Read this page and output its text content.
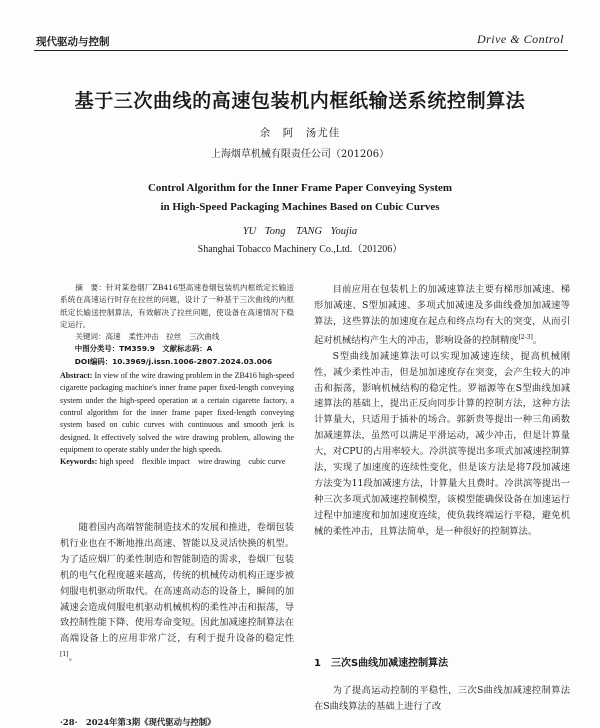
现代驱动与控制	Drive & Control
基于三次曲线的高速包装机内框纸输送系统控制算法
余　阿　汤尤佳
上海烟草机械有限责任公司（201206）
Control Algorithm for the Inner Frame Paper Conveying System
in High-Speed Packaging Machines Based on Cubic Curves
YU Tong　TANG Youjia
Shanghai Tobacco Machinery Co.,Ltd.（201206）

摘　要：针对某卷烟厂ZB416型高速卷烟包装机内框纸定长输送系统在高速运行时存在拉丝的问题，设计了一种基于三次曲线的内框纸定长输送控制算法，有效解决了拉丝问题，使设备在高速情况下稳定运行。

关键词：高速　柔性冲击　拉丝　三次曲线

中图分类号：TM359.9　文献标志码：A

DOI编码：10.3969/j.issn.1006-2807.2024.03.006

Abstract: In view of the wire drawing problem in the ZB416 high-speed cigarette packaging machine's inner frame paper fixed-length conveying system under the high-speed operation at a certain cigarette factory, a control algorithm for the inner frame paper fixed-length conveying system based on cubic curves with continuous and smooth jerk is designed. It effectively solved the wire drawing problem, allowing the equipment to operate stably under the high speeds.

Keywords: high speed　flexible impact　wire drawing　cubic curve

随着国内高端智能制造技术的发展和推进，卷烟包装机行业也在不断地推出高速、智能以及灵活快换的机型。为了适应烟厂的柔性制造和智能制造的需求，卷烟厂包装机的电气化程度越来越高，传统的机械传动机构正逐步被伺服电机驱动所取代。在高速高动态的设备上，瞬间的加减速会造成伺服电机驱动机械机构的柔性冲击和振荡，导致控制性能下降、使用寿命变短。因此加减速控制算法在高端设备上的应用非常广泛，有利于提升设备的稳定性[1]。

目前应用在包装机上的加减速算法主要有梯形加减速、梯形加减速、S型加减速、多项式加减速及多曲线叠加加减速等算法，这些算法的加速度在起点和终点均有大的突变，从而引起对机械结构产生大的冲击，影响设备的控制精度[2-3]。

S型曲线加减速算法可以实现加减速连续，提高机械刚性，减少柔性冲击，但是加加速度存在突变，会产生较大的冲击和振荡，影响机械结构的稳定性。罗福源等在S型曲线加减速算法的基础上，提出正反向同步计算的控制方法，这种方法计算量大，只适用于插补的场合。郭新贵等提出一种三角函数加减速算法，虽然可以满足平滑运动，减少冲击，但是计算量大，对CPU的占用率较大。冷洪滨等提出多项式加减速控制算法，实现了加速度的连续性变化，但是该方法是将7段加减速方法变为11段加减速方法，计算量大且费时。冷洪滨等提出一种三次多项式加减速控制模型，该模型能确保设备在加速运行过程中加速度和加加速度连续，使负载终端运行平稳，避免机械的柔性冲击，且算法简单，是一种很好的控制算法。

1　三次S曲线加减速控制算法

为了提高运动控制的平稳性，三次S曲线加减速控制算法在S曲线算法的基础上进行了改

·28·　2024年第3期《现代驱动与控制》
